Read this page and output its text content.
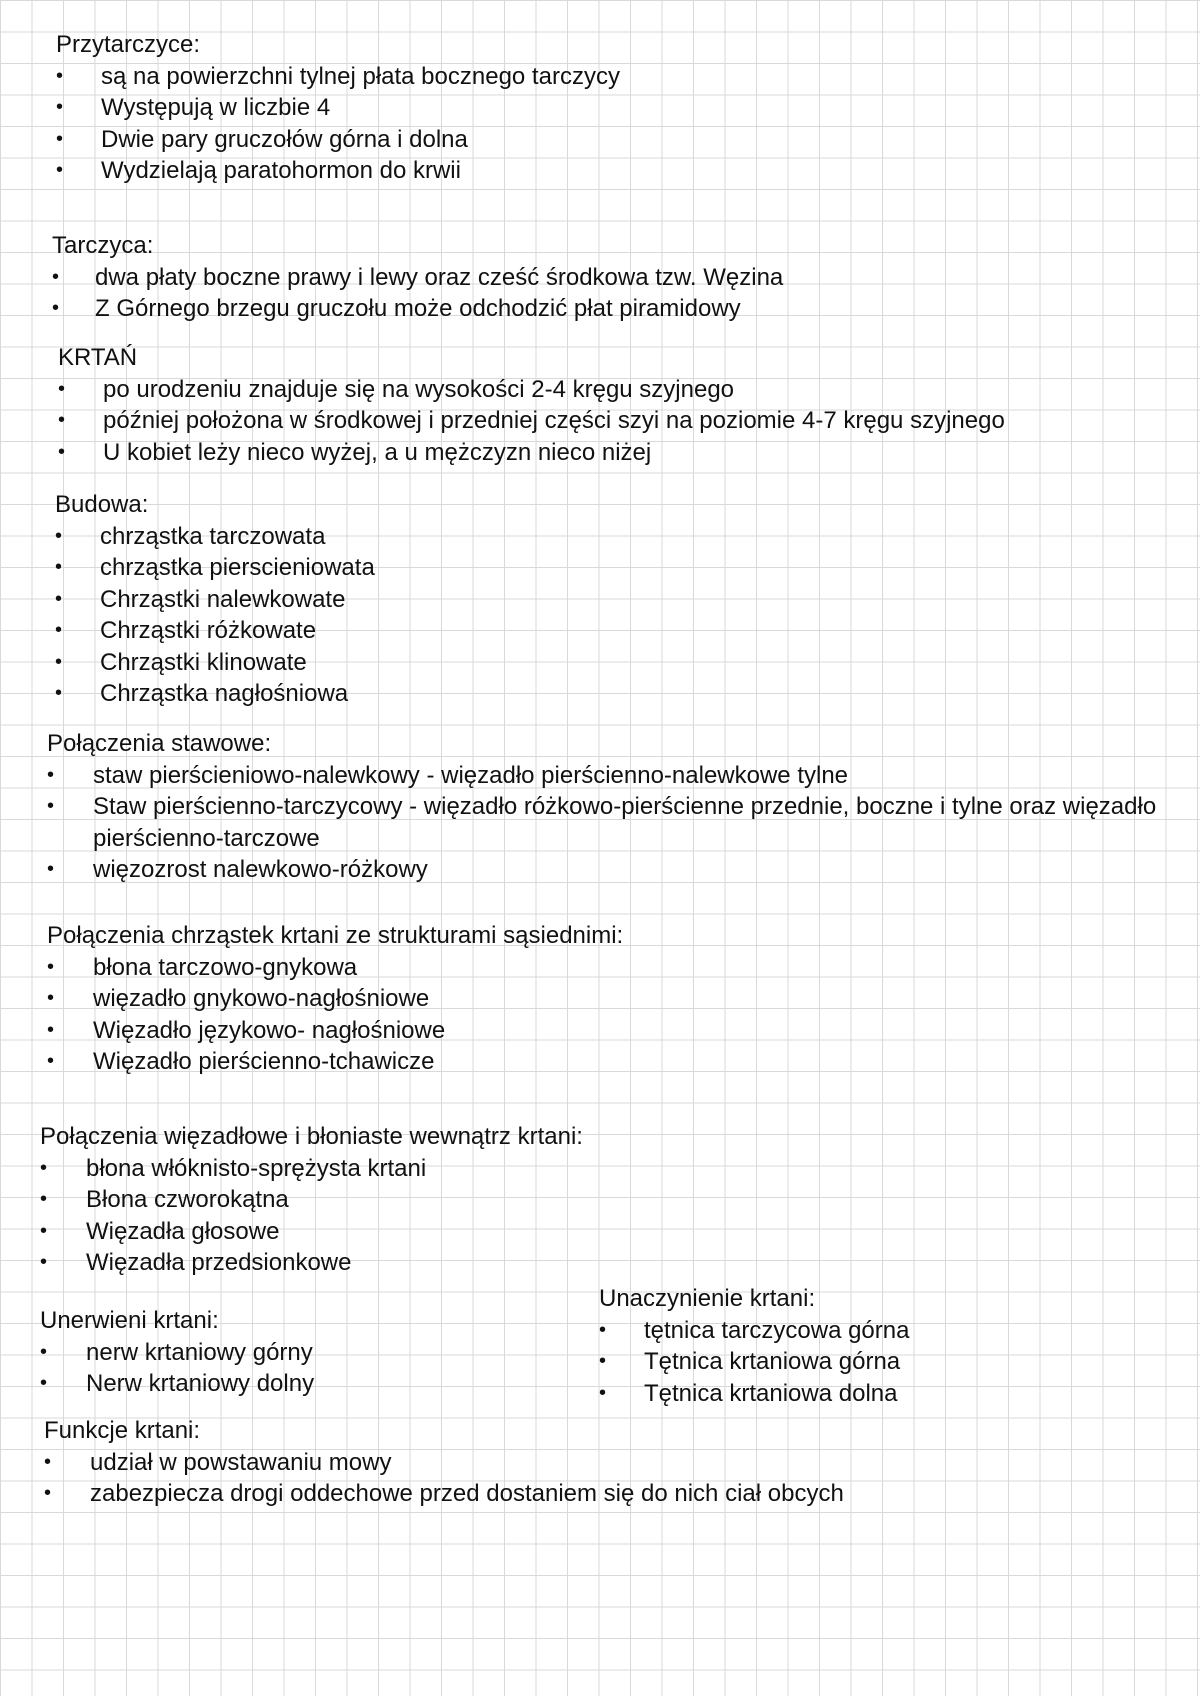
Przytarczyce:
• są na powierzchni tylnej płata bocznego tarczycy
• Występują w liczbie 4
• Dwie pary gruczołów górna i dolna
• Wydzielają paratohormon do krwii
Tarczyca:
• dwa płaty boczne prawy i lewy oraz cześć środkowa tzw. Węzina
• Z Górnego brzegu gruczołu może odchodzić płat piramidowy
KRTAŃ
• po urodzeniu znajduje się na wysokości 2-4 kręgu szyjnego
• później położona w środkowej i przedniej części szyi na poziomie 4-7 kręgu szyjnego
• U kobiet leży nieco wyżej, a u mężczyzn nieco niżej
Budowa:
• chrząstka tarczowata
• chrząstka pierscieniowata
• Chrząstki nalewkowate
• Chrząstki różkowate
• Chrząstki klinowate
• Chrząstka nagłośniowa
Połączenia stawowe:
• staw pierścieniowo-nalewkowy - więzadło pierścienno-nalewkowe tylne
• Staw pierścienno-tarczycowy - więzadło różkowo-pierścienne przednie, boczne i tylne oraz więzadło pierścienno-tarczowe
• więzozrost nalewkowo-różkowy
Połączenia chrząstek krtani ze strukturami sąsiednimi:
• błona tarczowo-gnykowa
• więzadło gnykowo-nagłośniowe
• Więzadło językowo- nagłośniowe
• Więzadło pierścienno-tchawicze
Połączenia więzadłowe i błoniaste wewnątrz krtani:
• błona włóknisto-sprężysta krtani
• Błona czworokątna
• Więzadła głosowe
• Więzadła przedsionkowe
Unerwieni krtani:
• nerw krtaniowy górny
• Nerw krtaniowy dolny
Unaczynienie krtani:
• tętnica tarczycowa górna
• Tętnica krtaniowa górna
• Tętnica krtaniowa dolna
Funkcje krtani:
• udział w powstawaniu mowy
• zabezpiecza drogi oddechowe przed dostaniem się do nich ciał obcych
